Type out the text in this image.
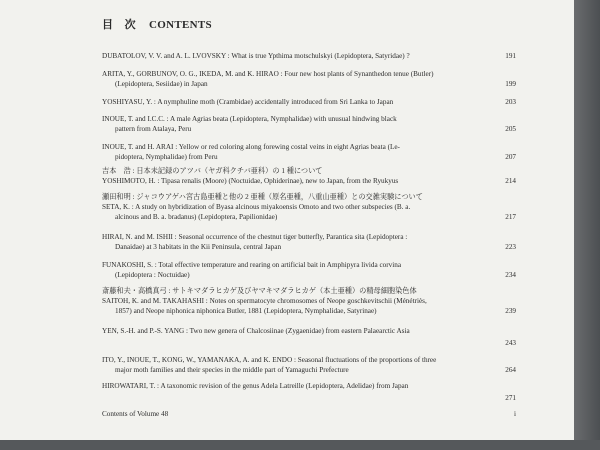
目　次 CONTENTS
DUBATOLOV, V. V. and A. L. LVOVSKY : What is true Ypthima motschulskyi (Lepidoptera, Satyridae) ?	191
ARITA, Y., GORBUNOV, O. G., IKEDA, M. and K. HIRAO : Four new host plants of Synanthedon tenue (Butler)
(Lepidoptera, Sesiidae) in Japan	199
YOSHIYASU, Y. : A nymphuline moth (Crambidae) accidentally introduced from Sri Lanka to Japan	203
INOUE, T. and I.C.C. : A male Agrias beata (Lepidoptera, Nymphalidae) with unusual hindwing black
pattern from Atalaya, Peru	205
INOUE, T. and H. ARAI : Yellow or red coloring along forewing costal veins in eight Agrias beata (Le-
pidoptera, Nymphalidae) from Peru	207
吉本　浩 : 日本未記録のアツバ（ヤガ科クチバ亜科）の 1 種について
YOSHIMOTO, H. : Tipasa renalis (Moore) (Noctuidae, Ophiderinae), new to Japan, from the Ryukyus	214
瀬田和明 : ジャコウアゲハ宮古島亜種と他の 2 亜種（原名亜種，八重山亜種）との交雑実験について
SETA, K. : A study on hybridization of Byasa alcinous miyakoensis Omoto and two other subspecies (B. a.
alcinous and B. a. bradanus) (Lepidoptera, Papilionidae)	217
HIRAI, N. and M. ISHII : Seasonal occurrence of the chestnut tiger butterfly, Parantica sita (Lepidoptera :
Danaidae) at 3 habitats in the Kii Peninsula, central Japan	223
FUNAKOSHI, S. : Total effective temperature and rearing on artificial bait in Amphipyra livida corvina
(Lepidoptera : Noctuidae)	234
斎藤和夫・高橋真弓 : サトキマダラヒカゲ及びヤマキマダラヒカゲ（本土亜種）の精母細胞染色体
SAITOH, K. and M. TAKAHASHI : Notes on spermatocyte chromosomes of Neope goschkevitschii (Ménétriès,
1857) and Neope niphonica niphonica Butler, 1881 (Lepidoptera, Nymphalidae, Satyrinae)	239
YEN, S.-H. and P.-S. YANG : Two new genera of Chalcosiinae (Zygaenidae) from eastern Palaearctic Asia
243
ITO, Y., INOUE, T., KONG, W., YAMANAKA, A. and K. ENDO : Seasonal fluctuations of the proportions of three
major moth families and their species in the middle part of Yamaguchi Prefecture	264
HIROWATARI, T. : A taxonomic revision of the genus Adela Latreille (Lepidoptera, Adelidae) from Japan
271
Contents of Volume 48	i
